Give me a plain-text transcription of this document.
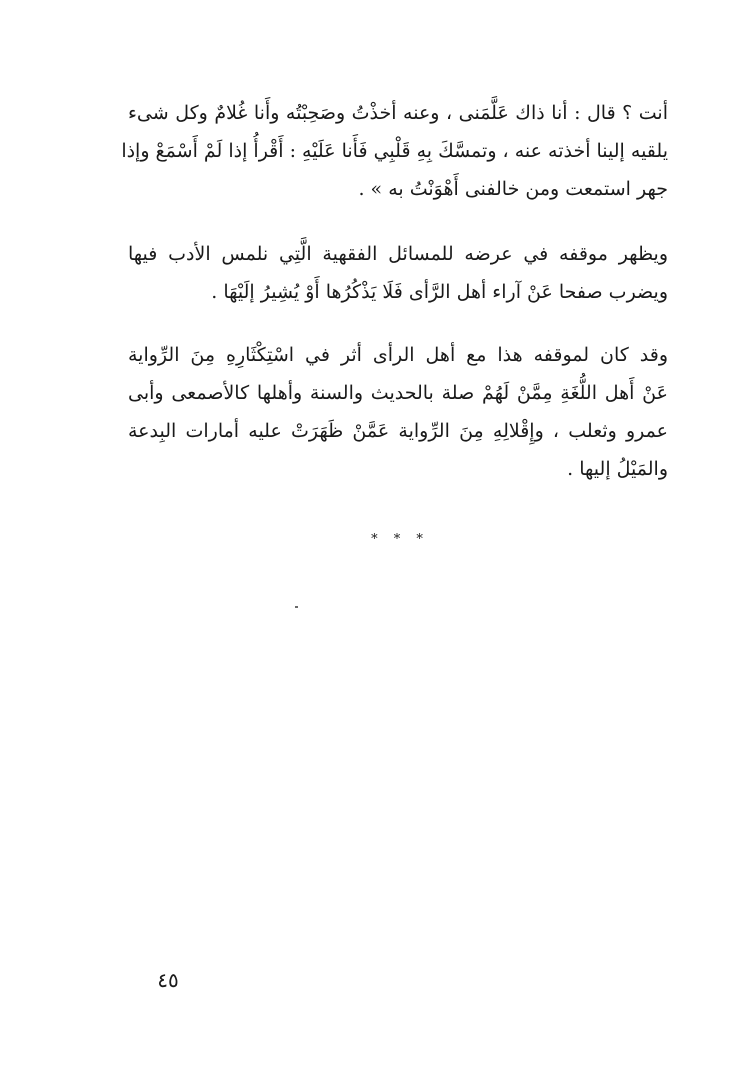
أنت ؟ قال : أنا ذاك عَلَّمَنى ، وعنه أخذْتُ وصَحِبْتُه وأَنا غُلامٌ وكل شىء
يلقيه إلينا أخذته عنه ، وتمسَّكَ بِهِ قَلْبِي فَأَنا عَلَيْهِ : أَقْرأُ إذا لَمْ أَسْمَعْ وإذا
جهر استمعت ومن خالفنى أَهْوَنْتُ به » .
ويظهر موقفه في عرضه للمسائل الفقهية الَّتِي نلمس الأدب فيها
ويضرب صفحا عَنْ آراء أهل الرَّأى فَلَا يَذْكُرُها أَوْ يُشِيرُ إلَيْهَا .
وقد كان لموقفه هذا مع أهل الرأى أثر في اسْتِكْثَارِهِ مِنَ الرِّواية
عَنْ أَهل اللُّغَةِ مِمَّنْ لَهُمْ صلة بالحديث والسنة وأهلها كالأصمعى وأبى
عمرو وثعلب ، وإِقْلالِهِ مِنَ الرِّواية عَمَّنْ ظَهَرَتْ عليه أمارات البِدعة
والمَيْلُ إليها .
* * *
٤٥
